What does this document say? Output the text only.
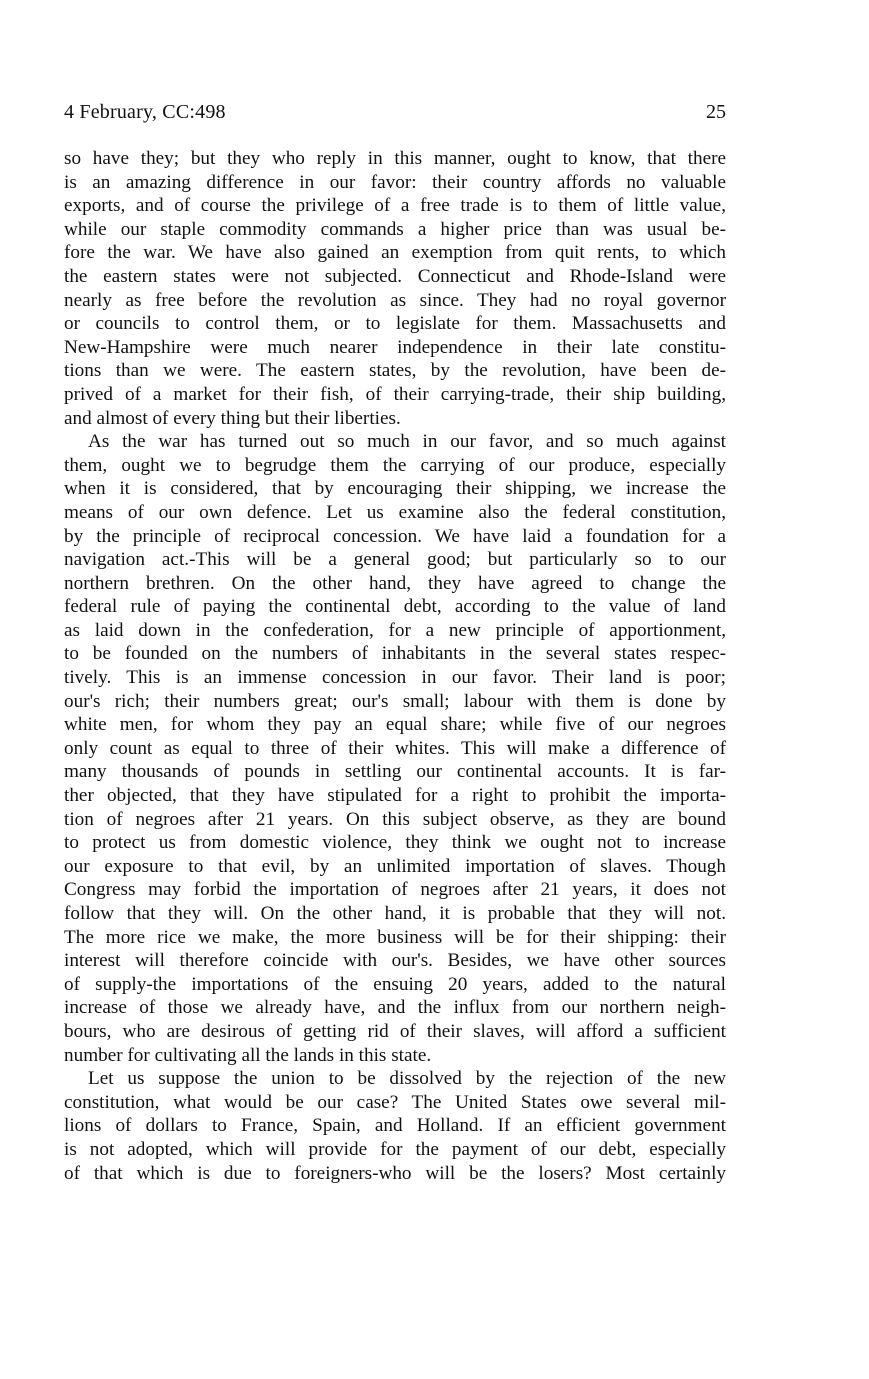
4 February, CC:498	25
so have they; but they who reply in this manner, ought to know, that there
is an amazing difference in our favor: their country affords no valuable
exports, and of course the privilege of a free trade is to them of little value,
while our staple commodity commands a higher price than was usual be-
fore the war. We have also gained an exemption from quit rents, to which
the eastern states were not subjected. Connecticut and Rhode-Island were
nearly as free before the revolution as since. They had no royal governor
or councils to control them, or to legislate for them. Massachusetts and
New-Hampshire were much nearer independence in their late constitu-
tions than we were. The eastern states, by the revolution, have been de-
prived of a market for their fish, of their carrying-trade, their ship building,
and almost of every thing but their liberties.
As the war has turned out so much in our favor, and so much against
them, ought we to begrudge them the carrying of our produce, especially
when it is considered, that by encouraging their shipping, we increase the
means of our own defence. Let us examine also the federal constitution,
by the principle of reciprocal concession. We have laid a foundation for a
navigation act.-This will be a general good; but particularly so to our
northern brethren. On the other hand, they have agreed to change the
federal rule of paying the continental debt, according to the value of land
as laid down in the confederation, for a new principle of apportionment,
to be founded on the numbers of inhabitants in the several states respec-
tively. This is an immense concession in our favor. Their land is poor;
our's rich; their numbers great; our's small; labour with them is done by
white men, for whom they pay an equal share; while five of our negroes
only count as equal to three of their whites. This will make a difference of
many thousands of pounds in settling our continental accounts. It is far-
ther objected, that they have stipulated for a right to prohibit the importa-
tion of negroes after 21 years. On this subject observe, as they are bound
to protect us from domestic violence, they think we ought not to increase
our exposure to that evil, by an unlimited importation of slaves. Though
Congress may forbid the importation of negroes after 21 years, it does not
follow that they will. On the other hand, it is probable that they will not.
The more rice we make, the more business will be for their shipping: their
interest will therefore coincide with our's. Besides, we have other sources
of supply-the importations of the ensuing 20 years, added to the natural
increase of those we already have, and the influx from our northern neigh-
bours, who are desirous of getting rid of their slaves, will afford a sufficient
number for cultivating all the lands in this state.
Let us suppose the union to be dissolved by the rejection of the new
constitution, what would be our case? The United States owe several mil-
lions of dollars to France, Spain, and Holland. If an efficient government
is not adopted, which will provide for the payment of our debt, especially
of that which is due to foreigners-who will be the losers? Most certainly
